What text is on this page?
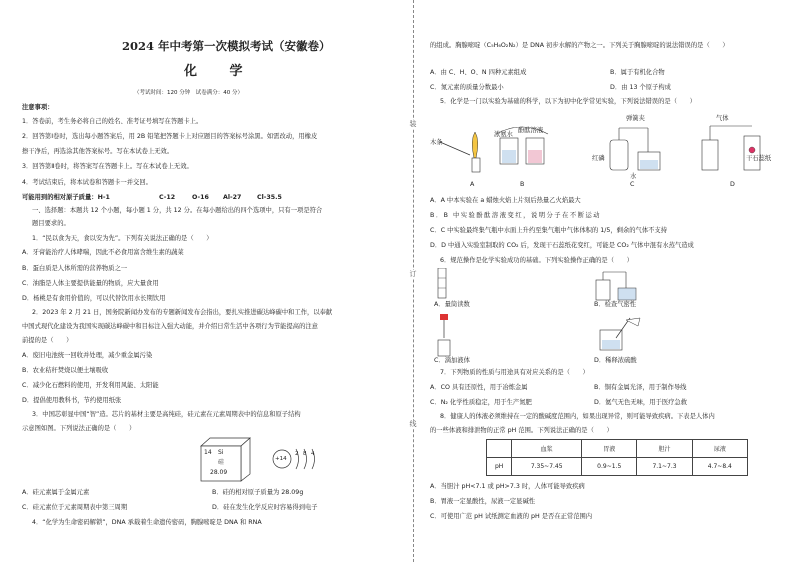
2024 年中考第一次模拟考试（安徽卷）
化 学
（考试时间：120 分钟　试卷满分：40 分）
注意事项：
1．答卷前，考生务必将自己的姓名、准考证号填写在答题卡上。
2．回答第Ⅰ卷时，选出每小题答案后，用 2B 铅笔把答题卡上对应题目的答案标号涂黑。如需改动，用橡皮
擦干净后，再选涂其他答案标号。写在本试卷上无效。
3．回答第Ⅱ卷时，将答案写在答题卡上。写在本试卷上无效。
4．考试结束后，将本试卷和答题卡一并交回。
可能用到的相对原子质量：H-1	C-12	O-16 Al-27 Cl-35.5
一、选择题：本题共 12 个小题，每小题 1 分，共 12 分。在每小题给出的四个选项中，只有一项是符合
题目要求的。
1．“民以食为天，食以安为先”。下列有关说法正确的是（　　）
A．牙膏能治疗人体哮喘，因此不必食用富含维生素的蔬菜
B．蛋白质是人体所需的营养物质之一
C．油脂是人体主要提供能量的物质，应大量食用
D．杨桃是有食用价值的，可以代替饮用水长期饮用
2．2023 年 2 月 21 日，国务院新闻办发布的专题新闻发布会指出，要扎实推进碳达峰碳中和工作，以奉献
中国式现代化建设为我国实现碳达峰碳中和目标注入强大动能，并介绍日常生活中各项行为节能提高的注意
前提的是（　　）
A．废旧电池统一回收并处理，减少重金属污染
B．农业秸秆焚烧以便土壤吸收
C．减少化石燃料的使用，开发利用风能、太阳能
D．提倡使用教科书，节约使用纸张
3．中国芯彰显中国“智”造。芯片的基材主要是高纯硅，硅元素在元素周期表中的信息和原子结构
示意图如图。下列说法正确的是（　　）
14 Si
硅
28.09
+14
2 8 4
A．硅元素属于金属元素	B．硅的相对原子质量为 28.09g
C．硅元素位于元素周期表中第三周期	D．硅在发生化学反应时容易得到电子
4．“化学为生命密码解锁”，DNA 承载着生命遗传密码，胸腺嘧啶是 DNA 和 RNA
装
订
线
的组成。胸腺嘧啶（C₅H₆O₂N₂）是 DNA 初步水解的产物之一。下列关于胸腺嘧啶的说法错误的是（　　）
A．由 C、H、O、N 四种元素组成	B．属于有机化合物
C．氮元素的质量分数最小	D．由 13 个原子构成
5．化学是一门以实验为基础的科学，以下为初中化学常见实验，下列说法错误的是（　　）
木条
酚酞溶液
浓氨水
红磷
水
弹簧夹	气体
干石蕊纸
A	B	C	D
A．A 中本实验在 a 蜡烛火焰上片刻后热量乙火焰最大
B．B 中实验酚酞溶液变红，说明分子在不断运动
C．C 中实验最终集气瓶中水面上升约至集气瓶中气体体积的 1/5，剩余的气体不支持
D．D 中通入实验室制取的 CO₂ 后，发现干石蕊纸花变红，可能是 CO₂ 气体中混有水蒸气造成
6．规范操作是化学实验成功的基础。下列实验操作正确的是（　　）
A．量筒读数	B．检查气密性
C．滴加液体	D．稀释浓硫酸
7．下列物质的性质与用途具有对应关系的是（　　）
A．CO 具有还原性，用于冶炼金属	B．铜有金属光泽，用于制作导线
C．N₂ 化学性质稳定，用于生产氮肥	D．氦气无色无味，用于医疗急救
8．健康人的体液必须维持在一定的酸碱度范围内，如果出现异常，则可能导致疾病。下表是人体内
的一些体液和排泄物的正常 pH 范围。下列说法正确的是（　　）
	血浆	胃液	胆汁	尿液
pH	7.35~7.45	0.9~1.5	7.1~7.3	4.7~8.4
A．当胆汁 pH<7.1 或 pH>7.3 时，人体可能导致疾病
B．胃液一定显酸性，尿液一定显碱性
C．可使用广范 pH 试纸测定血液的 pH 是否在正常范围内
